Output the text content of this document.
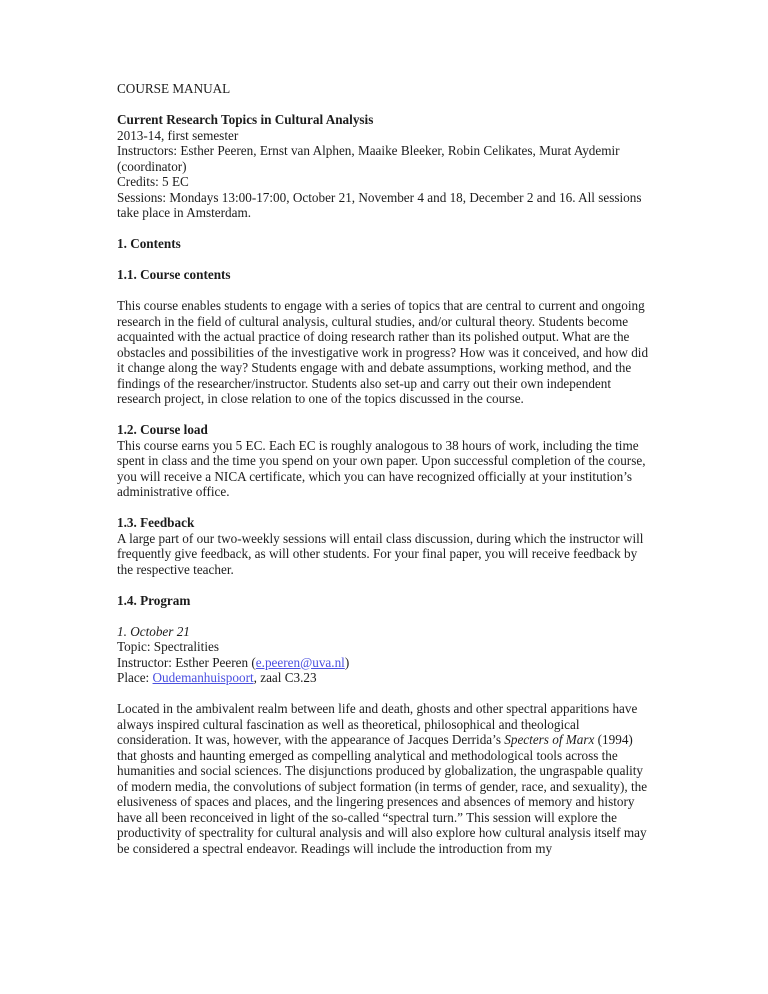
COURSE MANUAL

Current Research Topics in Cultural Analysis

2013-14, first semester

Instructors: Esther Peeren, Ernst van Alphen, Maaike Bleeker, Robin Celikates, Murat Aydemir (coordinator)

Credits: 5 EC

Sessions: Mondays 13:00-17:00, October 21, November 4 and 18, December 2 and 16. All sessions take place in Amsterdam.

1. Contents
1.1. Course contents

This course enables students to engage with a series of topics that are central to current and ongoing research in the field of cultural analysis, cultural studies, and/or cultural theory. Students become acquainted with the actual practice of doing research rather than its polished output. What are the obstacles and possibilities of the investigative work in progress? How was it conceived, and how did it change along the way? Students engage with and debate assumptions, working method, and the findings of the researcher/instructor. Students also set-up and carry out their own independent research project, in close relation to one of the topics discussed in the course.

1.2. Course load

This course earns you 5 EC. Each EC is roughly analogous to 38 hours of work, including the time spent in class and the time you spend on your own paper. Upon successful completion of the course, you will receive a NICA certificate, which you can have recognized officially at your institution’s administrative office.

1.3. Feedback

A large part of our two-weekly sessions will entail class discussion, during which the instructor will frequently give feedback, as will other students. For your final paper, you will receive feedback by the respective teacher.

1.4. Program

1. October 21

Topic: Spectralities

Instructor: Esther Peeren (e.peeren@uva.nl)

Place: Oudemanhuispoort, zaal C3.23

Located in the ambivalent realm between life and death, ghosts and other spectral apparitions have always inspired cultural fascination as well as theoretical, philosophical and theological consideration. It was, however, with the appearance of Jacques Derrida’s Specters of Marx (1994) that ghosts and haunting emerged as compelling analytical and methodological tools across the humanities and social sciences. The disjunctions produced by globalization, the ungraspable quality of modern media, the convolutions of subject formation (in terms of gender, race, and sexuality), the elusiveness of spaces and places, and the lingering presences and absences of memory and history have all been reconceived in light of the so-called “spectral turn.” This session will explore the productivity of spectrality for cultural analysis and will also explore how cultural analysis itself may be considered a spectral endeavor. Readings will include the introduction from my
